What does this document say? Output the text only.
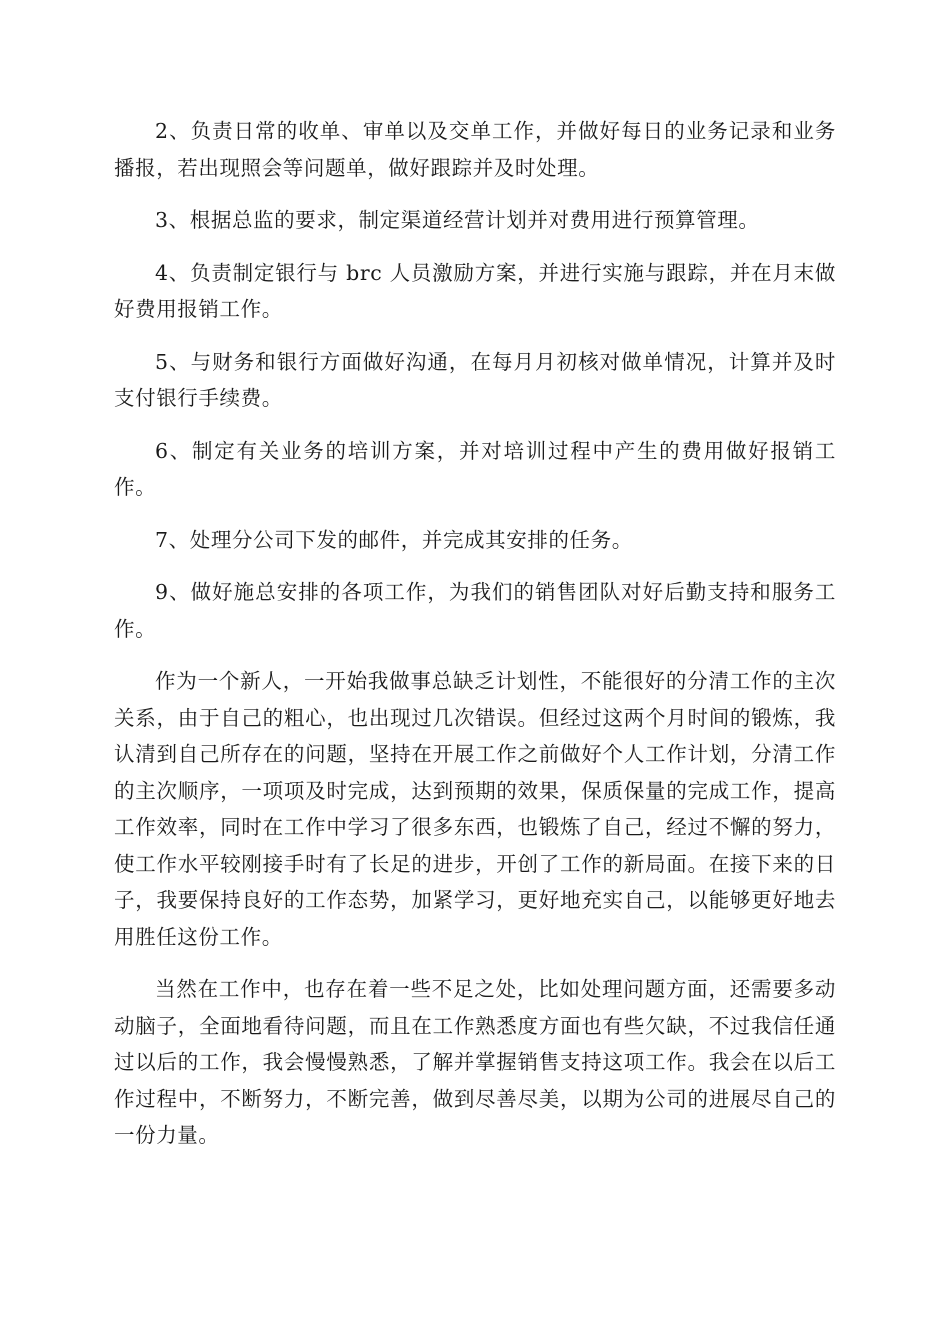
2、负责日常的收单、审单以及交单工作，并做好每日的业务记录和业务播报，若出现照会等问题单，做好跟踪并及时处理。

3、根据总监的要求，制定渠道经营计划并对费用进行预算管理。

4、负责制定银行与 brc 人员激励方案，并进行实施与跟踪，并在月末做好费用报销工作。

5、与财务和银行方面做好沟通，在每月月初核对做单情况，计算并及时支付银行手续费。

6、制定有关业务的培训方案，并对培训过程中产生的费用做好报销工作。

7、处理分公司下发的邮件，并完成其安排的任务。

9、做好施总安排的各项工作，为我们的销售团队对好后勤支持和服务工作。

作为一个新人，一开始我做事总缺乏计划性，不能很好的分清工作的主次关系，由于自己的粗心，也出现过几次错误。但经过这两个月时间的锻炼，我认清到自己所存在的问题，坚持在开展工作之前做好个人工作计划，分清工作的主次顺序，一项项及时完成，达到预期的效果，保质保量的完成工作，提高工作效率，同时在工作中学习了很多东西，也锻炼了自己，经过不懈的努力，使工作水平较刚接手时有了长足的进步，开创了工作的新局面。在接下来的日子，我要保持良好的工作态势，加紧学习，更好地充实自己，以能够更好地去用胜任这份工作。

当然在工作中，也存在着一些不足之处，比如处理问题方面，还需要多动动脑子，全面地看待问题，而且在工作熟悉度方面也有些欠缺，不过我信任通过以后的工作，我会慢慢熟悉，了解并掌握销售支持这项工作。我会在以后工作过程中，不断努力，不断完善，做到尽善尽美，以期为公司的进展尽自己的一份力量。
